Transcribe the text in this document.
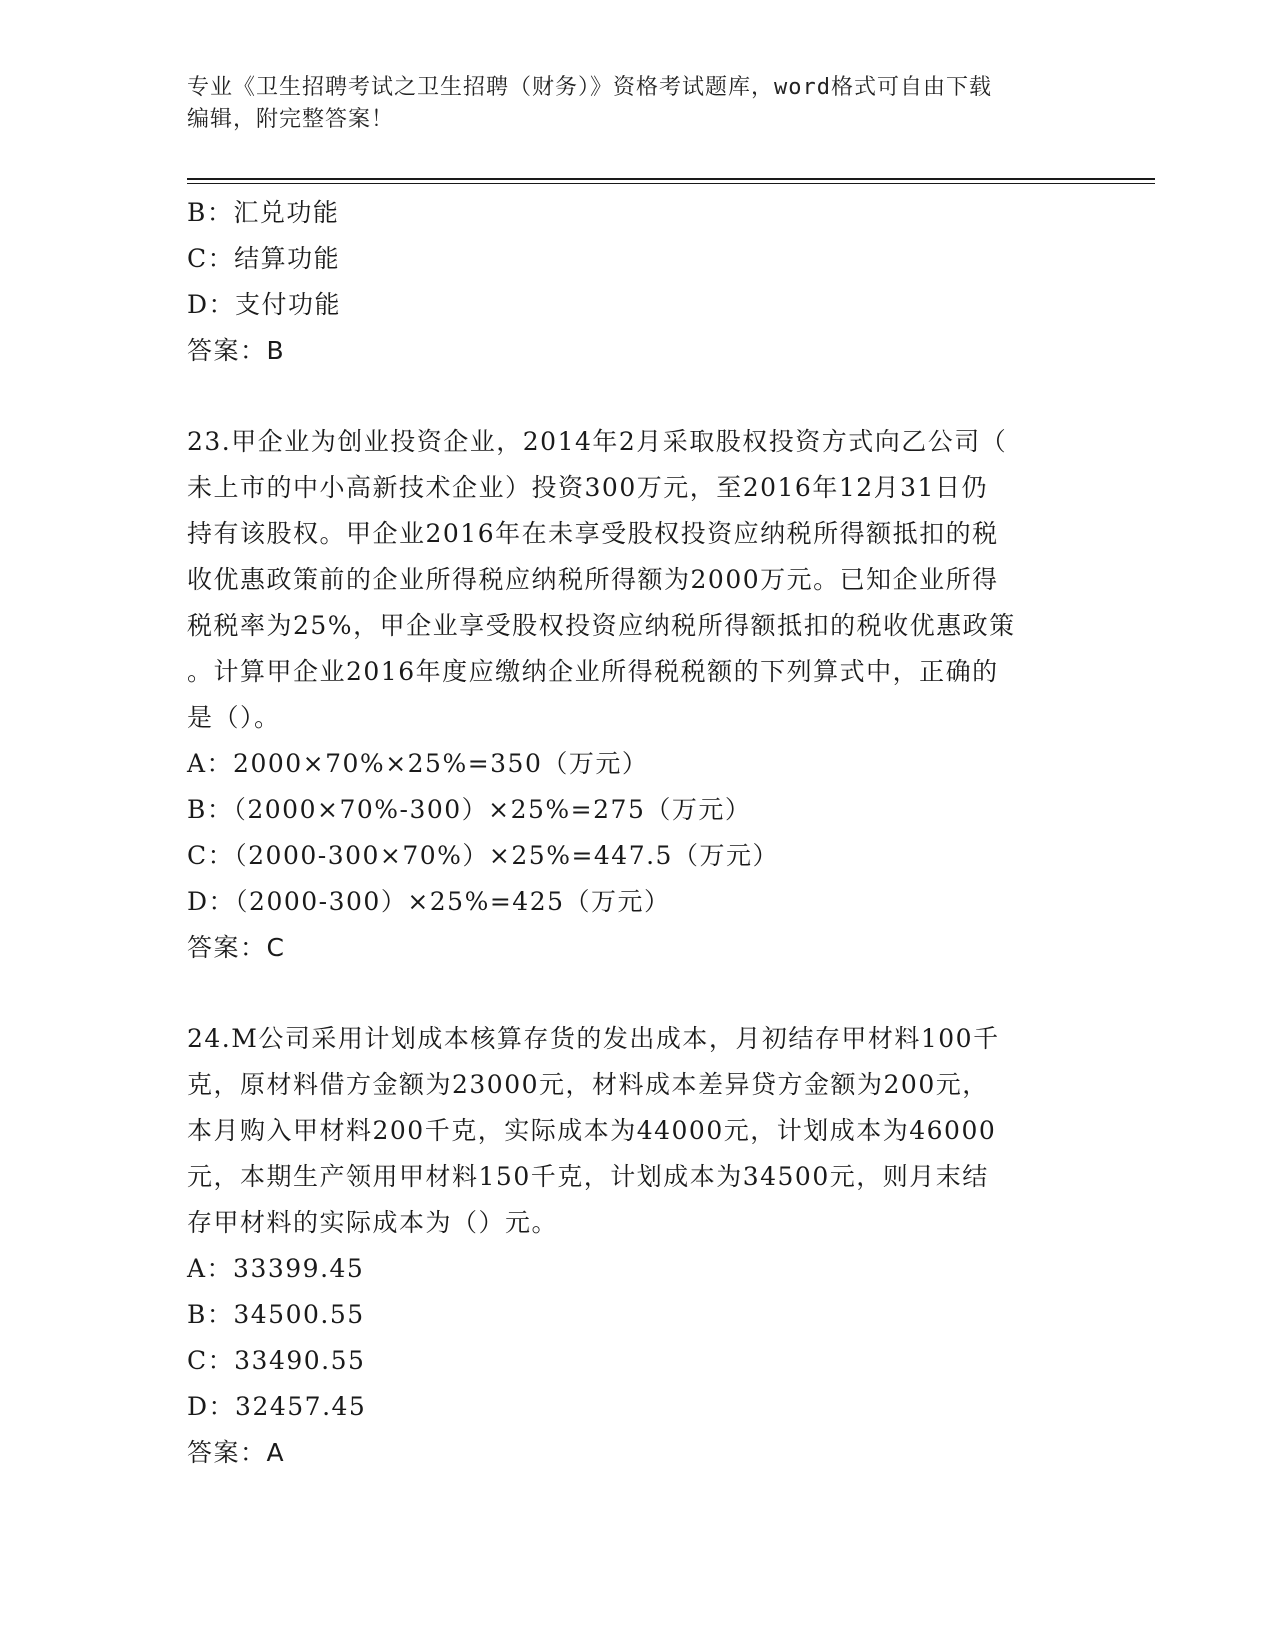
专业《卫生招聘考试之卫生招聘（财务）》资格考试题库，word格式可自由下载
编辑，附完整答案！
B：汇兑功能
C：结算功能
D：支付功能
答案：B
23.甲企业为创业投资企业，2014年2月采取股权投资方式向乙公司（
未上市的中小高新技术企业）投资300万元，至2016年12月31日仍
持有该股权。甲企业2016年在未享受股权投资应纳税所得额抵扣的税
收优惠政策前的企业所得税应纳税所得额为2000万元。已知企业所得
税税率为25%，甲企业享受股权投资应纳税所得额抵扣的税收优惠政策
。计算甲企业2016年度应缴纳企业所得税税额的下列算式中，正确的
是（）。
A：2000×70%×25%=350（万元）
B：（2000×70%-300）×25%=275（万元）
C：（2000-300×70%）×25%=447.5（万元）
D：（2000-300）×25%=425（万元）
答案：C
24.M公司采用计划成本核算存货的发出成本，月初结存甲材料100千
克，原材料借方金额为23000元，材料成本差异贷方金额为200元，
本月购入甲材料200千克，实际成本为44000元，计划成本为46000
元，本期生产领用甲材料150千克，计划成本为34500元，则月末结
存甲材料的实际成本为（）元。
A：33399.45
B：34500.55
C：33490.55
D：32457.45
答案：A
